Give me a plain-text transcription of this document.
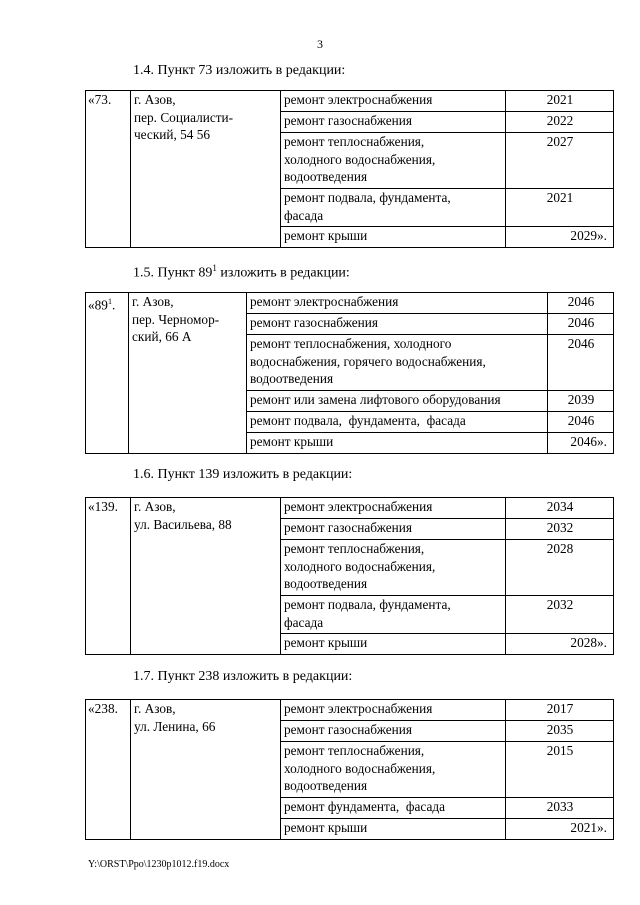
3
1.4. Пункт 73 изложить в редакции:
«73.	г. Азов,
пер. Социалисти-
ческий, 54 56	ремонт электроснабжения	2021
		ремонт газоснабжения	2022

		ремонт теплоснабжения,
холодного водоснабжения,
водоотведения	2027

		ремонт подвала, фундамента,
фасада	2021
		ремонт крыши	2029».
1.5. Пункт $89^1$ изложить в редакции:
«$89^1$.	г. Азов,
пер. Черномор-
ский, 66 А	ремонт электроснабжения	2046
		ремонт газоснабжения	2046

		ремонт теплоснабжения, холодного
водоснабжения, горячего водоснабжения,
водоотведения	2046
		ремонт или замена лифтового оборудования	2039
		ремонт подвала,  фундамента,  фасада	2046
		ремонт крыши	2046».
1.6. Пункт 139 изложить в редакции:
«139.	г. Азов,
ул. Васильева, 88	ремонт электроснабжения	2034
		ремонт газоснабжения	2032

		ремонт теплоснабжения,
холодного водоснабжения,
водоотведения	2028

		ремонт подвала, фундамента,
фасада	2032
		ремонт крыши	2028».
1.7. Пункт 238 изложить в редакции:
«238.	г. Азов,
ул. Ленина, 66	ремонт электроснабжения	2017
		ремонт газоснабжения	2035

		ремонт теплоснабжения,
холодного водоснабжения,
водоотведения	2015
		ремонт фундамента,  фасада	2033
		ремонт крыши	2021».
Y:\ORST\Ppo\1230p1012.f19.docx
